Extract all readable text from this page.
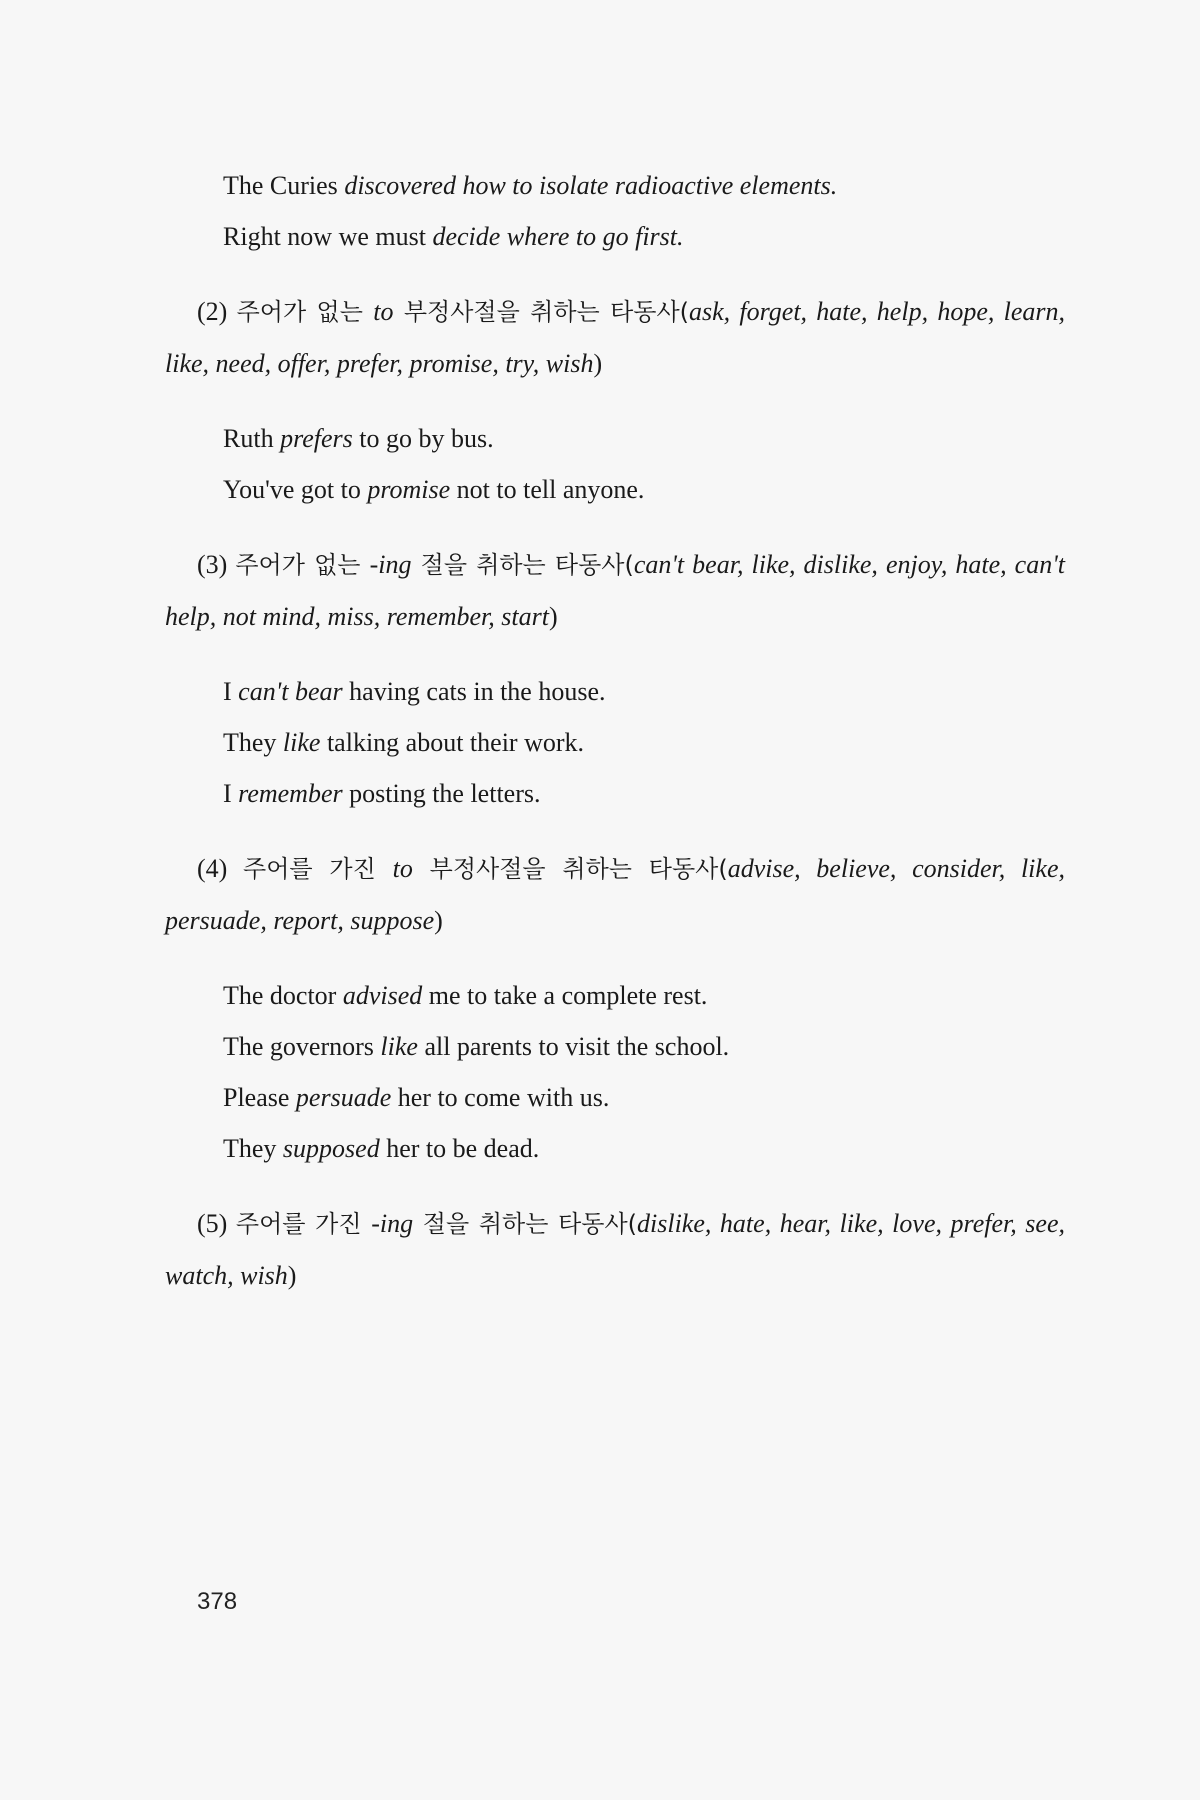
The Curies discovered how to isolate radioactive elements.
Right now we must decide where to go first.
(2) 주어가 없는 to 부정사절을 취하는 타동사(ask, forget, hate, help, hope, learn, like, need, offer, prefer, promise, try, wish)
Ruth prefers to go by bus.
You've got to promise not to tell anyone.
(3) 주어가 없는 -ing 절을 취하는 타동사(can't bear, like, dislike, enjoy, hate, can't help, not mind, miss, remember, start)
I can't bear having cats in the house.
They like talking about their work.
I remember posting the letters.
(4) 주어를 가진 to 부정사절을 취하는 타동사(advise, believe, consider, like, persuade, report, suppose)
The doctor advised me to take a complete rest.
The governors like all parents to visit the school.
Please persuade her to come with us.
They supposed her to be dead.
(5) 주어를 가진 -ing 절을 취하는 타동사(dislike, hate, hear, like, love, prefer, see, watch, wish)
378
